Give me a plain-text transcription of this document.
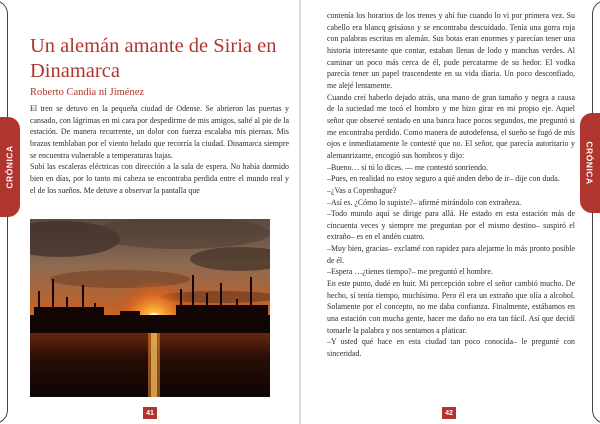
CRÓNICA	CRÓNICA
Un alemán amante de Siria en Dinamarca
Roberto Candia ni Jiménez

El tren se detuvo en la pequeña ciudad de Odense. Se abrieron las puertas y cansado, con lágrimas en mi cara por despedirme de mis amigos, salté al pie de la estación. De manera recurrente, un dolor con fuerza escalaba mis piernas. Mis brazos temblaban por el viento helado que recorría la ciudad. Dinamarca siempre se encuentra vulnerable a temperaturas bajas.

Subí las escaleras eléctricas con dirección a la sala de espera. No había dormido bien en días, por lo tanto mi cabeza se encontraba perdida entre el mundo real y el de los sueños. Me detuve a observar la pantalla que

41

contenía los horarios de los trenes y ahí fue cuando lo vi por primera vez. Su cabello era blancq grisáoso y se encontraba descuidado. Tenía una gorra roja con palabras escritas en alemán. Sus botas eran enormes y parecían tener una historia interesante que contar, estaban llenas de lodo y manchas verdes. Al caminar un poco más cerca de él, pude percatarme de su hedor. El vodka parecía tener un papel trascendente en su vida diaria. Un poco desconfiado, me alejé lentamente.

Cuando creí haberlo dejado atrás, una mano de gran tamaño y negra a causa de la suciedad me tocó el hombro y me hizo girar en mi propio eje. Aquel señor que observé sentado en una banca hace pocos segundos, me preguntó si me encontraba perdido. Como manera de autodefensa, el sueño se fugó de mis ojos e inmediatamente le contesté que no. El señor, que parecía autoritario y alemanrizante, encogió sus hombros y dijo:

–Bueno… si tú lo dices. — me contestó sonriendo.

–Pues, en realidad no estoy seguro a qué anden debo de ir– dije con duda.

–¿Vas a Copenhague?

–Así es. ¿Cómo lo supiste?– afirmé mirándolo con extrañeza.

–Todo mundo aquí se dirige para allá. He estado en esta estación más de cincuenta veces y siempre me preguntan por el mismo destino– suspiró el extraño– es en el andén cuatro.

–Muy bien, gracias– exclamé con rapidez para alejarme lo más pronto posible de él.

–Espera …¿tienes tiempo?– me preguntó el hombre.

En este punto, dudé en huir. Mi percepción sobre el señor cambió mucho. De hecho, sí tenía tiempo, muchísimo. Pero él era un extraño que olía a alcohol. Solamente por el concepto, no me daba confianza. Finalmente, estábamos en una estación con mucha gente, hacer me daño no era tan fácil. Así que decidí tomarle la palabra y nos sentamos a platicar.

–Y usted qué hace en esta ciudad tan poco conocida– le pregunté con sinceridad.

42
